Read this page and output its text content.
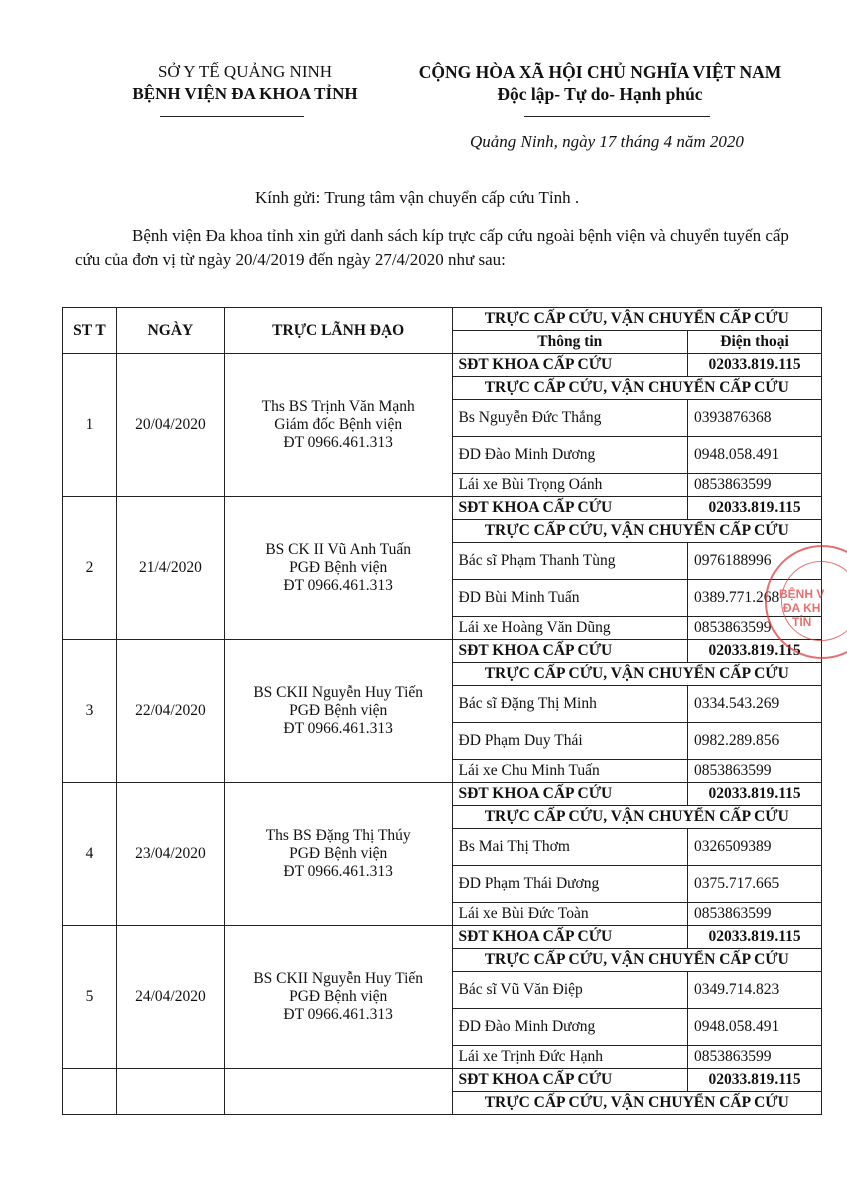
SỞ Y TẾ QUẢNG NINH
BỆNH VIỆN ĐA KHOA TỈNH
CỘNG HÒA XÃ HỘI CHỦ NGHĨA VIỆT NAM
Độc lập- Tự do- Hạnh phúc
Quảng Ninh, ngày 17 tháng 4 năm 2020
Kính gửi: Trung tâm vận chuyển cấp cứu Tỉnh .
Bệnh viện Đa khoa tỉnh xin gửi danh sách kíp trực cấp cứu ngoài bệnh viện và chuyển tuyến cấp cứu của đơn vị từ ngày 20/4/2019 đến ngày 27/4/2020 như sau:
ST T	NGÀY	TRỰC LÃNH ĐẠO	TRỰC CẤP CỨU, VẬN CHUYỂN CẤP CỨU	
			Thông tin	Điện thoại
1	20/04/2020	Ths BS Trịnh Văn Mạnh
Giám đốc Bệnh viện
ĐT 0966.461.313	SĐT KHOA CẤP CỨU	02033.819.115
			TRỰC CẤP CỨU, VẬN CHUYỂN CẤP CỨU	
			Bs Nguyễn Đức Thắng	0393876368
			ĐD Đào Minh Dương	0948.058.491
			Lái xe Bùi Trọng Oánh	0853863599
2	21/4/2020	BS CK II Vũ Anh Tuấn
PGĐ Bệnh viện
ĐT 0966.461.313	SĐT KHOA CẤP CỨU	02033.819.115
			TRỰC CẤP CỨU, VẬN CHUYỂN CẤP CỨU	
			Bác sĩ Phạm Thanh Tùng	0976188996
			ĐD Bùi Minh Tuấn	0389.771.268
			Lái xe Hoàng Văn Dũng	0853863599
3	22/04/2020	BS CKII Nguyễn Huy Tiến
PGĐ Bệnh viện
ĐT 0966.461.313	SĐT KHOA CẤP CỨU	02033.819.115
			TRỰC CẤP CỨU, VẬN CHUYỂN CẤP CỨU	
			Bác sĩ Đặng Thị Minh	0334.543.269
			ĐD Phạm Duy Thái	0982.289.856
			Lái xe Chu Minh Tuấn	0853863599
4	23/04/2020	Ths BS Đặng Thị Thúy
PGĐ Bệnh viện
ĐT 0966.461.313	SĐT KHOA CẤP CỨU	02033.819.115
			TRỰC CẤP CỨU, VẬN CHUYỂN CẤP CỨU	
			Bs Mai Thị Thơm	0326509389
			ĐD Phạm Thái Dương	0375.717.665
			Lái xe Bùi Đức Toàn	0853863599
5	24/04/2020	BS CKII Nguyễn Huy Tiến
PGĐ Bệnh viện
ĐT 0966.461.313	SĐT KHOA CẤP CỨU	02033.819.115
			TRỰC CẤP CỨU, VẬN CHUYỂN CẤP CỨU	
			Bác sĩ Vũ Văn Điệp	0349.714.823
			ĐD Đào Minh Dương	0948.058.491
			Lái xe Trịnh Đức Hạnh	0853863599
			SĐT KHOA CẤP CỨU	02033.819.115
			TRỰC CẤP CỨU, VẬN CHUYỂN CẤP CỨU	
BỆNH V
ĐA KH
TỈN
